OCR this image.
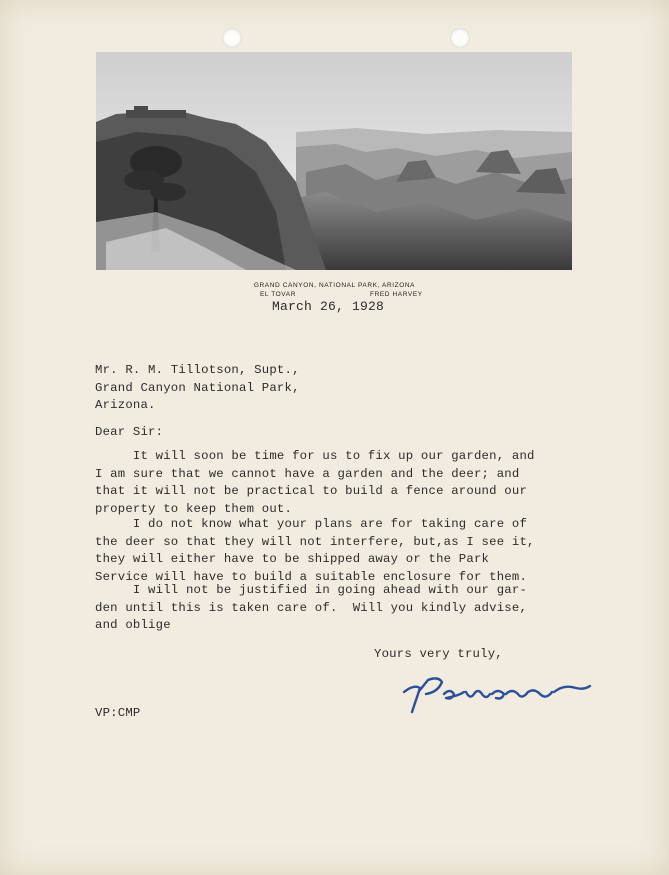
GRAND CANYON, NATIONAL PARK, ARIZONA
EL TOVAR	FRED HARVEY
March 26, 1928
Mr. R. M. Tillotson, Supt.,
Grand Canyon National Park,
Arizona.
Dear Sir:
It will soon be time for us to fix up our garden, and
I am sure that we cannot have a garden and the deer; and
that it will not be practical to build a fence around our
property to keep them out.
I do not know what your plans are for taking care of
the deer so that they will not interfere, but,as I see it,
they will either have to be shipped away or the Park
Service will have to build a suitable enclosure for them.
I will not be justified in going ahead with our gar-
den until this is taken care of.  Will you kindly advise,
and oblige
Yours very truly,
VP:CMP
